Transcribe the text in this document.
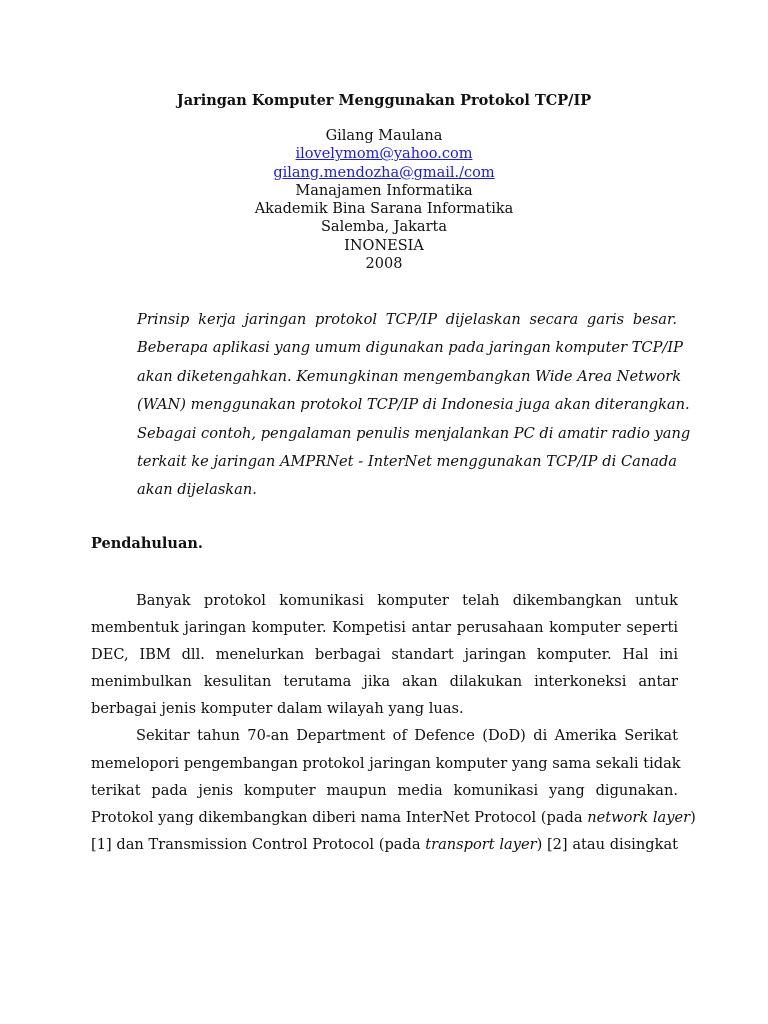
Jaringan Komputer Menggunakan Protokol TCP/IP
Gilang Maulana
ilovelymom@yahoo.com
gilang.mendozha@gmail./com
Manajamen Informatika
Akademik Bina Sarana Informatika
Salemba, Jakarta
INONESIA
2008
Prinsip kerja jaringan protokol TCP/IP dijelaskan secara garis besar.
Beberapa aplikasi yang umum digunakan pada jaringan komputer TCP/IP
akan diketengahkan. Kemungkinan mengembangkan Wide Area Network
(WAN) menggunakan protokol TCP/IP di Indonesia juga akan diterangkan.
Sebagai contoh, pengalaman penulis menjalankan PC di amatir radio yang
terkait ke jaringan AMPRNet - InterNet menggunakan TCP/IP di Canada
akan dijelaskan.
Pendahuluan.
Banyak protokol komunikasi komputer telah dikembangkan untuk
membentuk jaringan komputer. Kompetisi antar perusahaan komputer seperti
DEC, IBM dll. menelurkan berbagai standart jaringan komputer. Hal ini
menimbulkan kesulitan terutama jika akan dilakukan interkoneksi antar
berbagai jenis komputer dalam wilayah yang luas.
Sekitar tahun 70-an Department of Defence (DoD) di Amerika Serikat
memelopori pengembangan protokol jaringan komputer yang sama sekali tidak
terikat pada jenis komputer maupun media komunikasi yang digunakan.
Protokol yang dikembangkan diberi nama InterNet Protocol (pada network layer)
[1] dan Transmission Control Protocol (pada transport layer) [2] atau disingkat
